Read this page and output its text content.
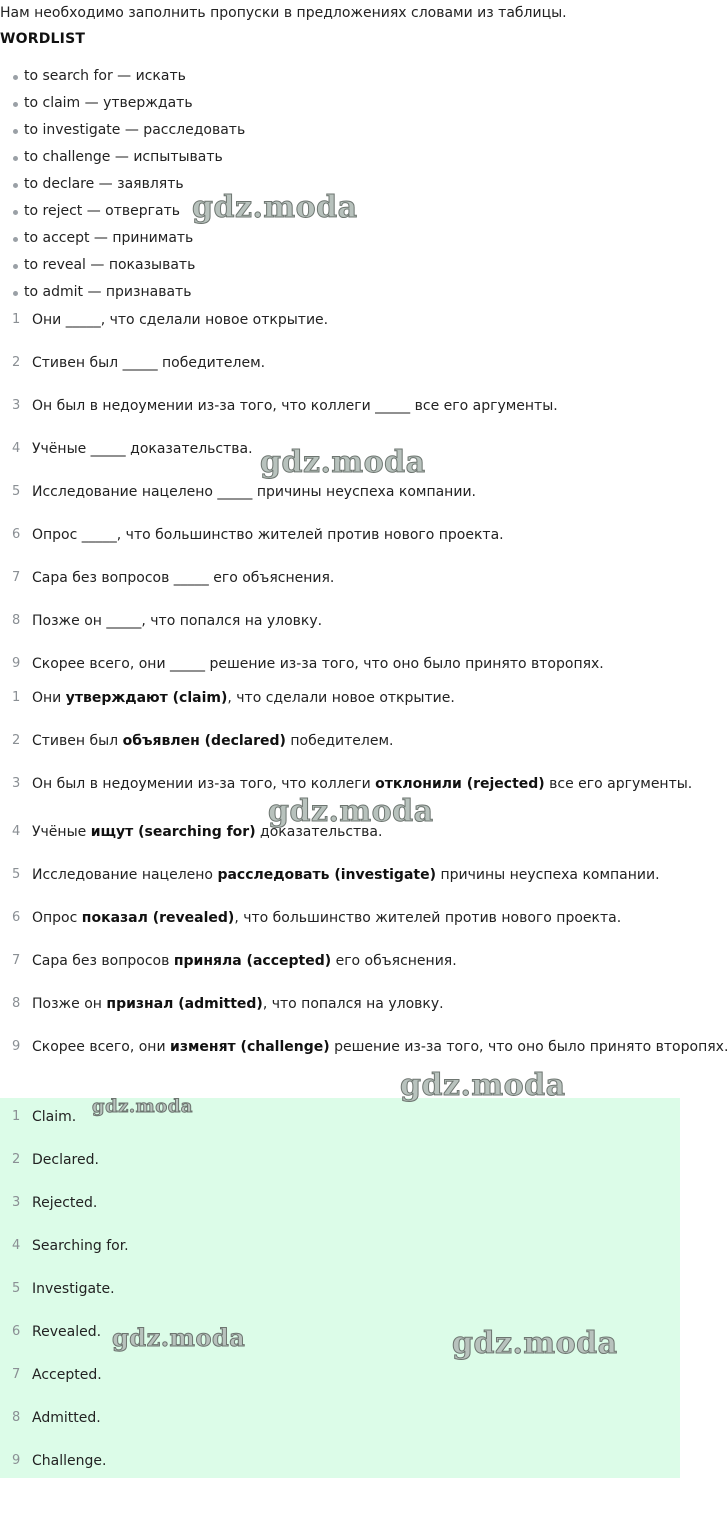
Нам необходимо заполнить пропуски в предложениях словами из таблицы.
WORDLIST
to search for — искать
to claim — утверждать
to investigate — расследовать
to challenge — испытывать
to declare — заявлять
to reject — отвергать
to accept — принимать
to reveal — показывать
to admit — признавать
1 Они _____, что сделали новое открытие.
2 Стивен был _____ победителем.
3 Он был в недоумении из-за того, что коллеги _____ все его аргументы.
4 Учёные _____ доказательства.
5 Исследование нацелено _____ причины неуспеха компании.
6 Опрос _____, что большинство жителей против нового проекта.
7 Сара без вопросов _____ его объяснения.
8 Позже он _____, что попался на уловку.
9 Скорее всего, они _____ решение из-за того, что оно было принято второпях.
1 Они утверждают (claim), что сделали новое открытие.
2 Стивен был объявлен (declared) победителем.
3 Он был в недоумении из-за того, что коллеги отклонили (rejected) все его аргументы.
4 Учёные ищут (searching for) доказательства.
5 Исследование нацелено расследовать (investigate) причины неуспеха компании.
6 Опрос показал (revealed), что большинство жителей против нового проекта.
7 Сара без вопросов приняла (accepted) его объяснения.
8 Позже он признал (admitted), что попался на уловку.
9 Скорее всего, они изменят (challenge) решение из-за того, что оно было принято второпях.
1 Claim.
2 Declared.
3 Rejected.
4 Searching for.
5 Investigate.
6 Revealed.
7 Accepted.
8 Admitted.
9 Challenge.
gdz.moda
gdz.moda
gdz.moda
gdz.moda
gdz.moda
gdz.moda	gdz.moda
